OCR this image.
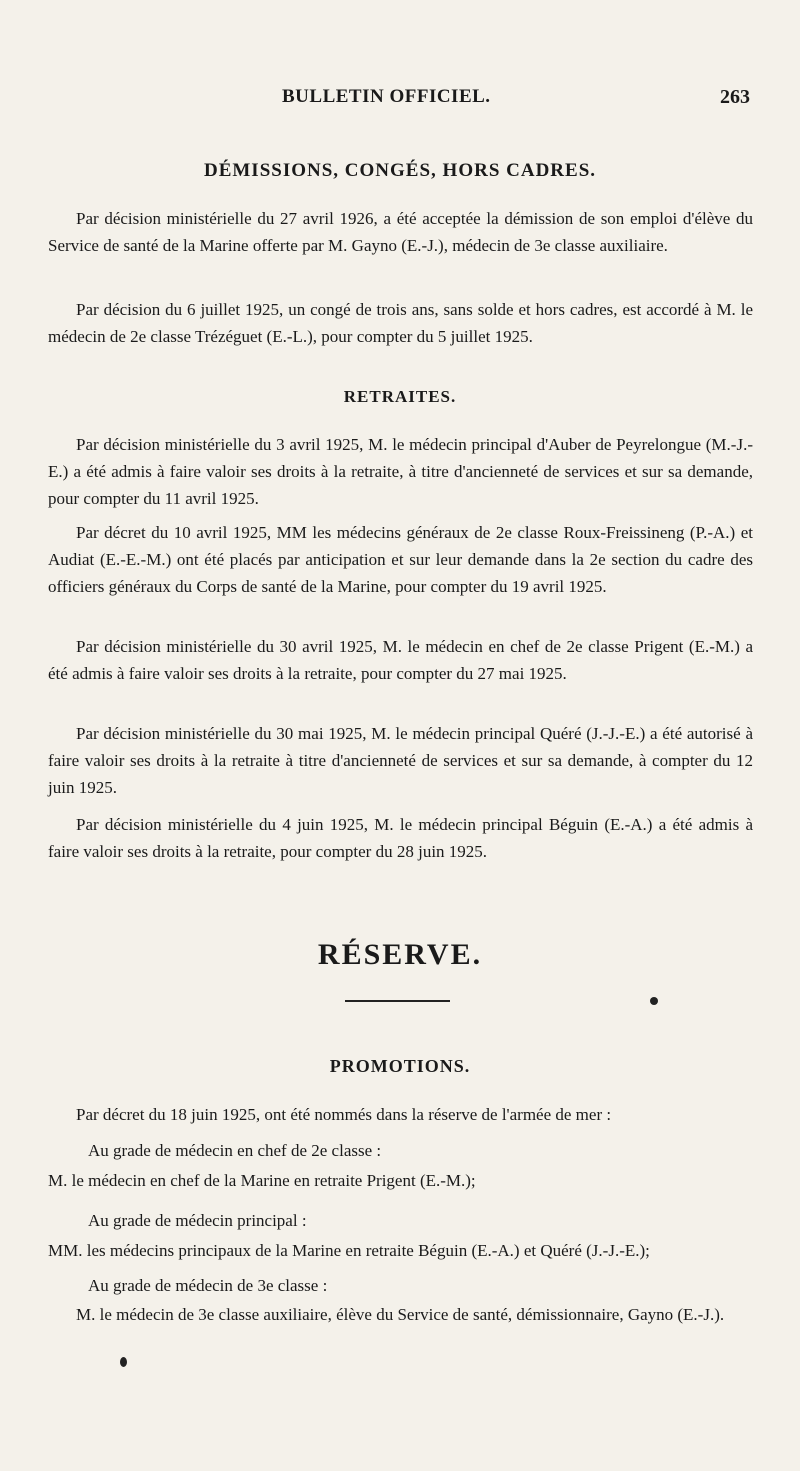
BULLETIN OFFICIEL.	263
DÉMISSIONS, CONGÉS, HORS CADRES.

Par décision ministérielle du 27 avril 1926, a été acceptée la démission de son emploi d'élève du Service de santé de la Marine offerte par M. Gayno (E.-J.), médecin de 3e classe auxiliaire.

Par décision du 6 juillet 1925, un congé de trois ans, sans solde et hors cadres, est accordé à M. le médecin de 2e classe Trézéguet (E.-L.), pour compter du 5 juillet 1925.

RETRAITES.

Par décision ministérielle du 3 avril 1925, M. le médecin principal d'Auber de Peyrelongue (M.-J.-E.) a été admis à faire valoir ses droits à la retraite, à titre d'ancienneté de services et sur sa demande, pour compter du 11 avril 1925.

Par décret du 10 avril 1925, MM les médecins généraux de 2e classe Roux-Freissineng (P.-A.) et Audiat (E.-E.-M.) ont été placés par anticipation et sur leur demande dans la 2e section du cadre des officiers généraux du Corps de santé de la Marine, pour compter du 19 avril 1925.

Par décision ministérielle du 30 avril 1925, M. le médecin en chef de 2e classe Prigent (E.-M.) a été admis à faire valoir ses droits à la retraite, pour compter du 27 mai 1925.

Par décision ministérielle du 30 mai 1925, M. le médecin principal Quéré (J.-J.-E.) a été autorisé à faire valoir ses droits à la retraite à titre d'ancienneté de services et sur sa demande, à compter du 12 juin 1925.

Par décision ministérielle du 4 juin 1925, M. le médecin principal Béguin (E.-A.) a été admis à faire valoir ses droits à la retraite, pour compter du 28 juin 1925.

RÉSERVE.
PROMOTIONS.

Par décret du 18 juin 1925, ont été nommés dans la réserve de l'armée de mer :

Au grade de médecin en chef de 2e classe :

M. le médecin en chef de la Marine en retraite Prigent (E.-M.);

Au grade de médecin principal :

MM. les médecins principaux de la Marine en retraite Béguin (E.-A.) et Quéré (J.-J.-E.);

Au grade de médecin de 3e classe :

M. le médecin de 3e classe auxiliaire, élève du Service de santé, démissionnaire, Gayno (E.-J.).
